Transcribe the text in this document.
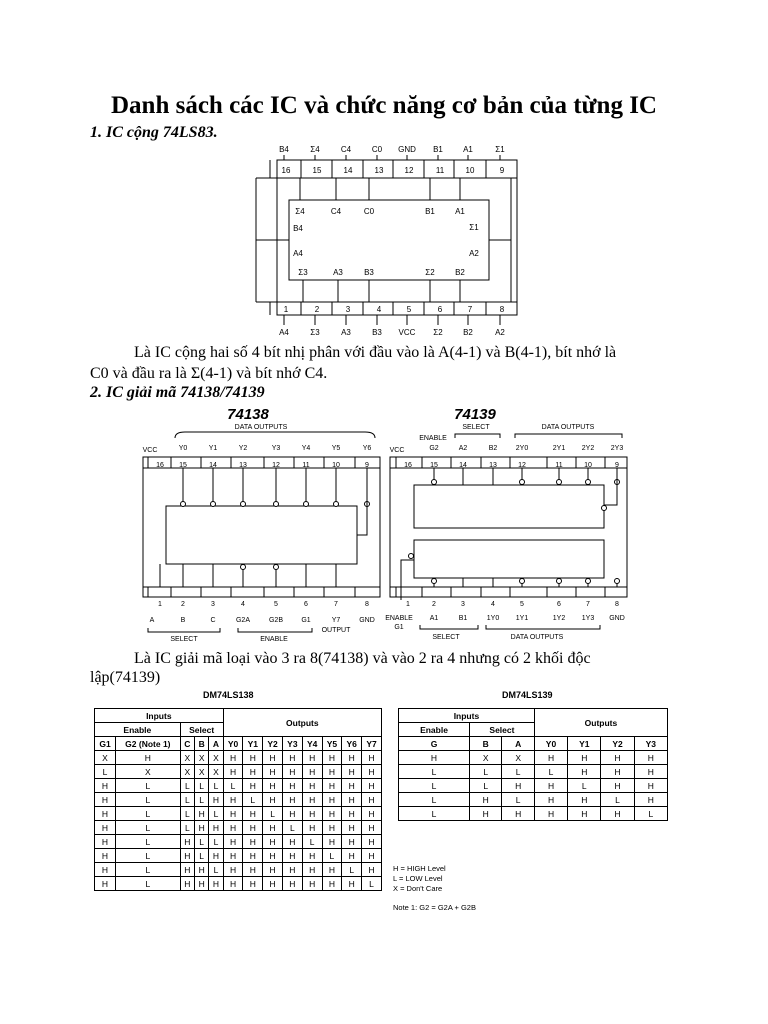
Danh sách các IC và chức năng cơ bản của từng IC
1. IC cộng 74LS83.
16
1
B4
A4
15
2
Σ4
Σ3
14
3
C4
A3
13
4
C0
B3
12
5
GND
VCC
11
6
B1
Σ2
10
7
A1
B2
9
8
Σ1
A2
Σ4	C4	C0	B1	A1
Σ3	A3	B3	Σ2	B2
B4
A4
Σ1
A2
Là IC cộng hai số 4 bít nhị phân với đầu vào là A(4-1) và B(4-1), bít nhớ là
C0 và đầu ra là Σ(4-1) và bít nhớ C4.
2. IC giải mã 74138/74139
74138
DATA OUTPUTS
VCC	Y0	Y1	Y2	Y3	Y4	Y5	Y6
16
1
15
2
14
3
13
4
12
5
11
6
10
7
9
8
A	B	C	G2A	G2B	G1	Y7	GND
SELECT	ENABLE
OUTPUT
74139
SELECT	DATA OUTPUTS
ENABLE
VCC	G2	A2	B2	2Y0	2Y1 2Y2 2Y3
16
1
15
2
14
3
13
4
12
5
11
6
10
7
9
8
ENABLE
G1
A1	B1	1Y0 1Y1	1Y2 1Y3 GND
SELECT	DATA OUTPUTS
Là IC giải mã loại vào 3 ra 8(74138) và vào 2 ra 4 nhưng có 2 khối độc
lập(74139)
DM74LS138
Inputs					Outputs							
Enable		Select										
G1	G2 (Note 1)	C	B	A	Y0	Y1	Y2	Y3	Y4	Y5	Y6	Y7
X	H	X	X	X	H	H	H	H	H	H	H	H
L	X	X	X	X	H	H	H	H	H	H	H	H
H	L	L	L	L	L	H	H	H	H	H	H	H
H	L	L	L	H	H	L	H	H	H	H	H	H
H	L	L	H	L	H	H	L	H	H	H	H	H
H	L	L	H	H	H	H	H	L	H	H	H	H
H	L	H	L	L	H	H	H	H	L	H	H	H
H	L	H	L	H	H	H	H	H	H	L	H	H
H	L	H	H	L	H	H	H	H	H	H	L	H
H	L	H	H	H	H	H	H	H	H	H	H	L
DM74LS139
Inputs			Outputs			
Enable	Select					
G	B	A	Y0	Y1	Y2	Y3
H	X	X	H	H	H	H
L	L	L	L	H	H	H
L	L	H	H	L	H	H
L	H	L	H	H	L	H
L	H	H	H	H	H	L
H = HIGH Level
L = LOW Level
X = Don't Care
Note 1: G2 = G2A + G2B
